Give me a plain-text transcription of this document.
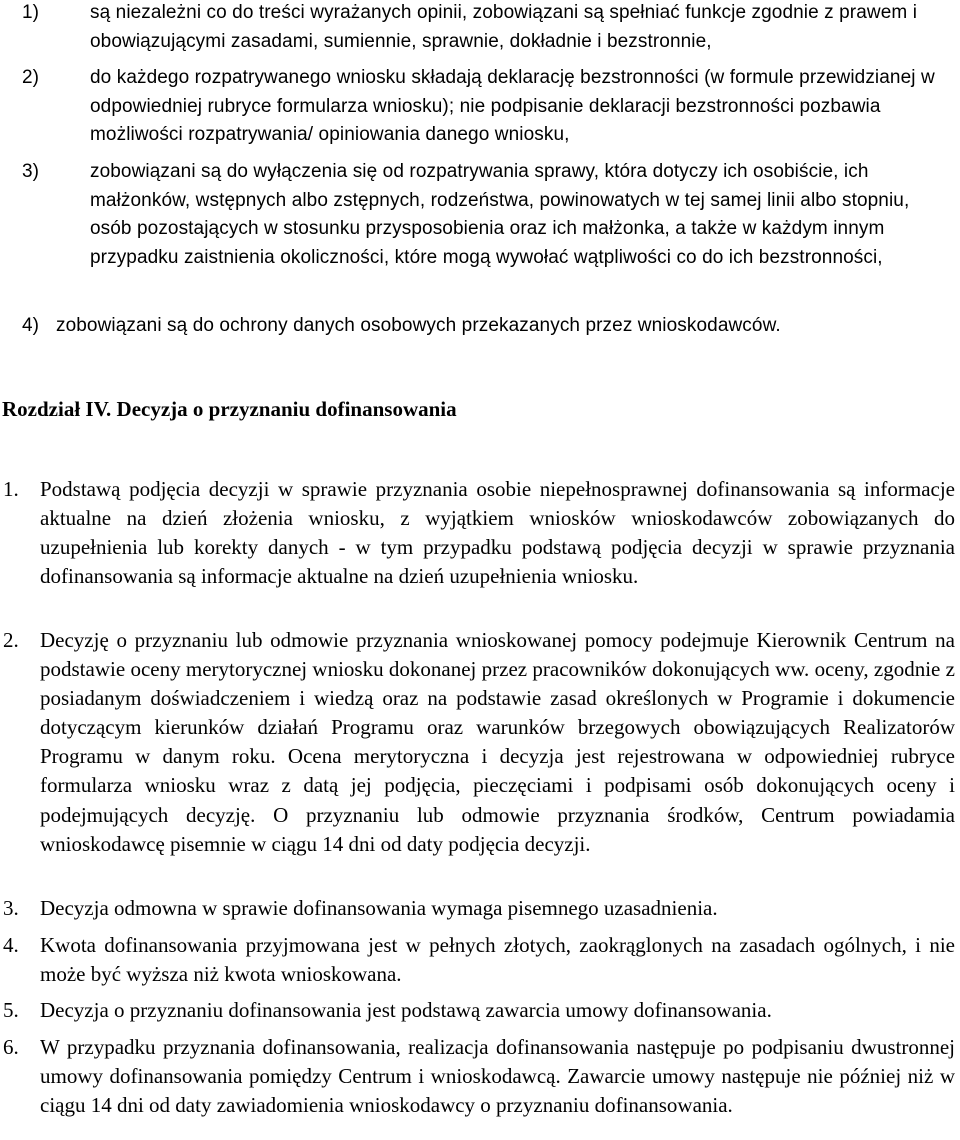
1)	są niezależni co do treści wyrażanych opinii, zobowiązani są spełniać funkcje zgodnie z prawem i obowiązującymi zasadami, sumiennie, sprawnie, dokładnie i bezstronnie,
2)	do każdego rozpatrywanego wniosku składają deklarację bezstronności (w formule przewidzianej w odpowiedniej rubryce formularza wniosku); nie podpisanie deklaracji bezstronności pozbawia możliwości rozpatrywania/ opiniowania danego wniosku,
3)	zobowiązani są do wyłączenia się od rozpatrywania sprawy, która dotyczy ich osobiście, ich małżonków, wstępnych albo zstępnych, rodzeństwa, powinowatych w tej samej linii albo stopniu, osób pozostających w stosunku przysposobienia oraz ich małżonka, a także w każdym innym przypadku zaistnienia okoliczności, które mogą wywołać wątpliwości co do ich bezstronności,
4) zobowiązani są do ochrony danych osobowych przekazanych przez wnioskodawców.
Rozdział IV. Decyzja o przyznaniu dofinansowania
1. Podstawą podjęcia decyzji w sprawie przyznania osobie niepełnosprawnej dofinansowania są informacje aktualne na dzień złożenia wniosku, z wyjątkiem wniosków wnioskodawców zobowiązanych do uzupełnienia lub korekty danych - w tym przypadku podstawą podjęcia decyzji w sprawie przyznania dofinansowania są informacje aktualne na dzień uzupełnienia wniosku.
2. Decyzję o przyznaniu lub odmowie przyznania wnioskowanej pomocy podejmuje Kierownik Centrum na podstawie oceny merytorycznej wniosku dokonanej przez pracowników dokonujących ww. oceny, zgodnie z posiadanym doświadczeniem i wiedzą oraz na podstawie zasad określonych w Programie i dokumencie dotyczącym kierunków działań Programu oraz warunków brzegowych obowiązujących Realizatorów Programu w danym roku. Ocena merytoryczna i decyzja jest rejestrowana w odpowiedniej rubryce formularza wniosku wraz z datą jej podjęcia, pieczęciami i podpisami osób dokonujących oceny i podejmujących decyzję. O przyznaniu lub odmowie przyznania środków, Centrum powiadamia wnioskodawcę pisemnie w ciągu 14 dni od daty podjęcia decyzji.
3. Decyzja odmowna w sprawie dofinansowania wymaga pisemnego uzasadnienia.
4. Kwota dofinansowania przyjmowana jest w pełnych złotych, zaokrąglonych na zasadach ogólnych, i nie może być wyższa niż kwota wnioskowana.
5. Decyzja o przyznaniu dofinansowania jest podstawą zawarcia umowy dofinansowania.
6. W przypadku przyznania dofinansowania, realizacja dofinansowania następuje po podpisaniu dwustronnej umowy dofinansowania pomiędzy Centrum i wnioskodawcą. Zawarcie umowy następuje nie później niż w ciągu 14 dni od daty zawiadomienia wnioskodawcy o przyznaniu dofinansowania.
